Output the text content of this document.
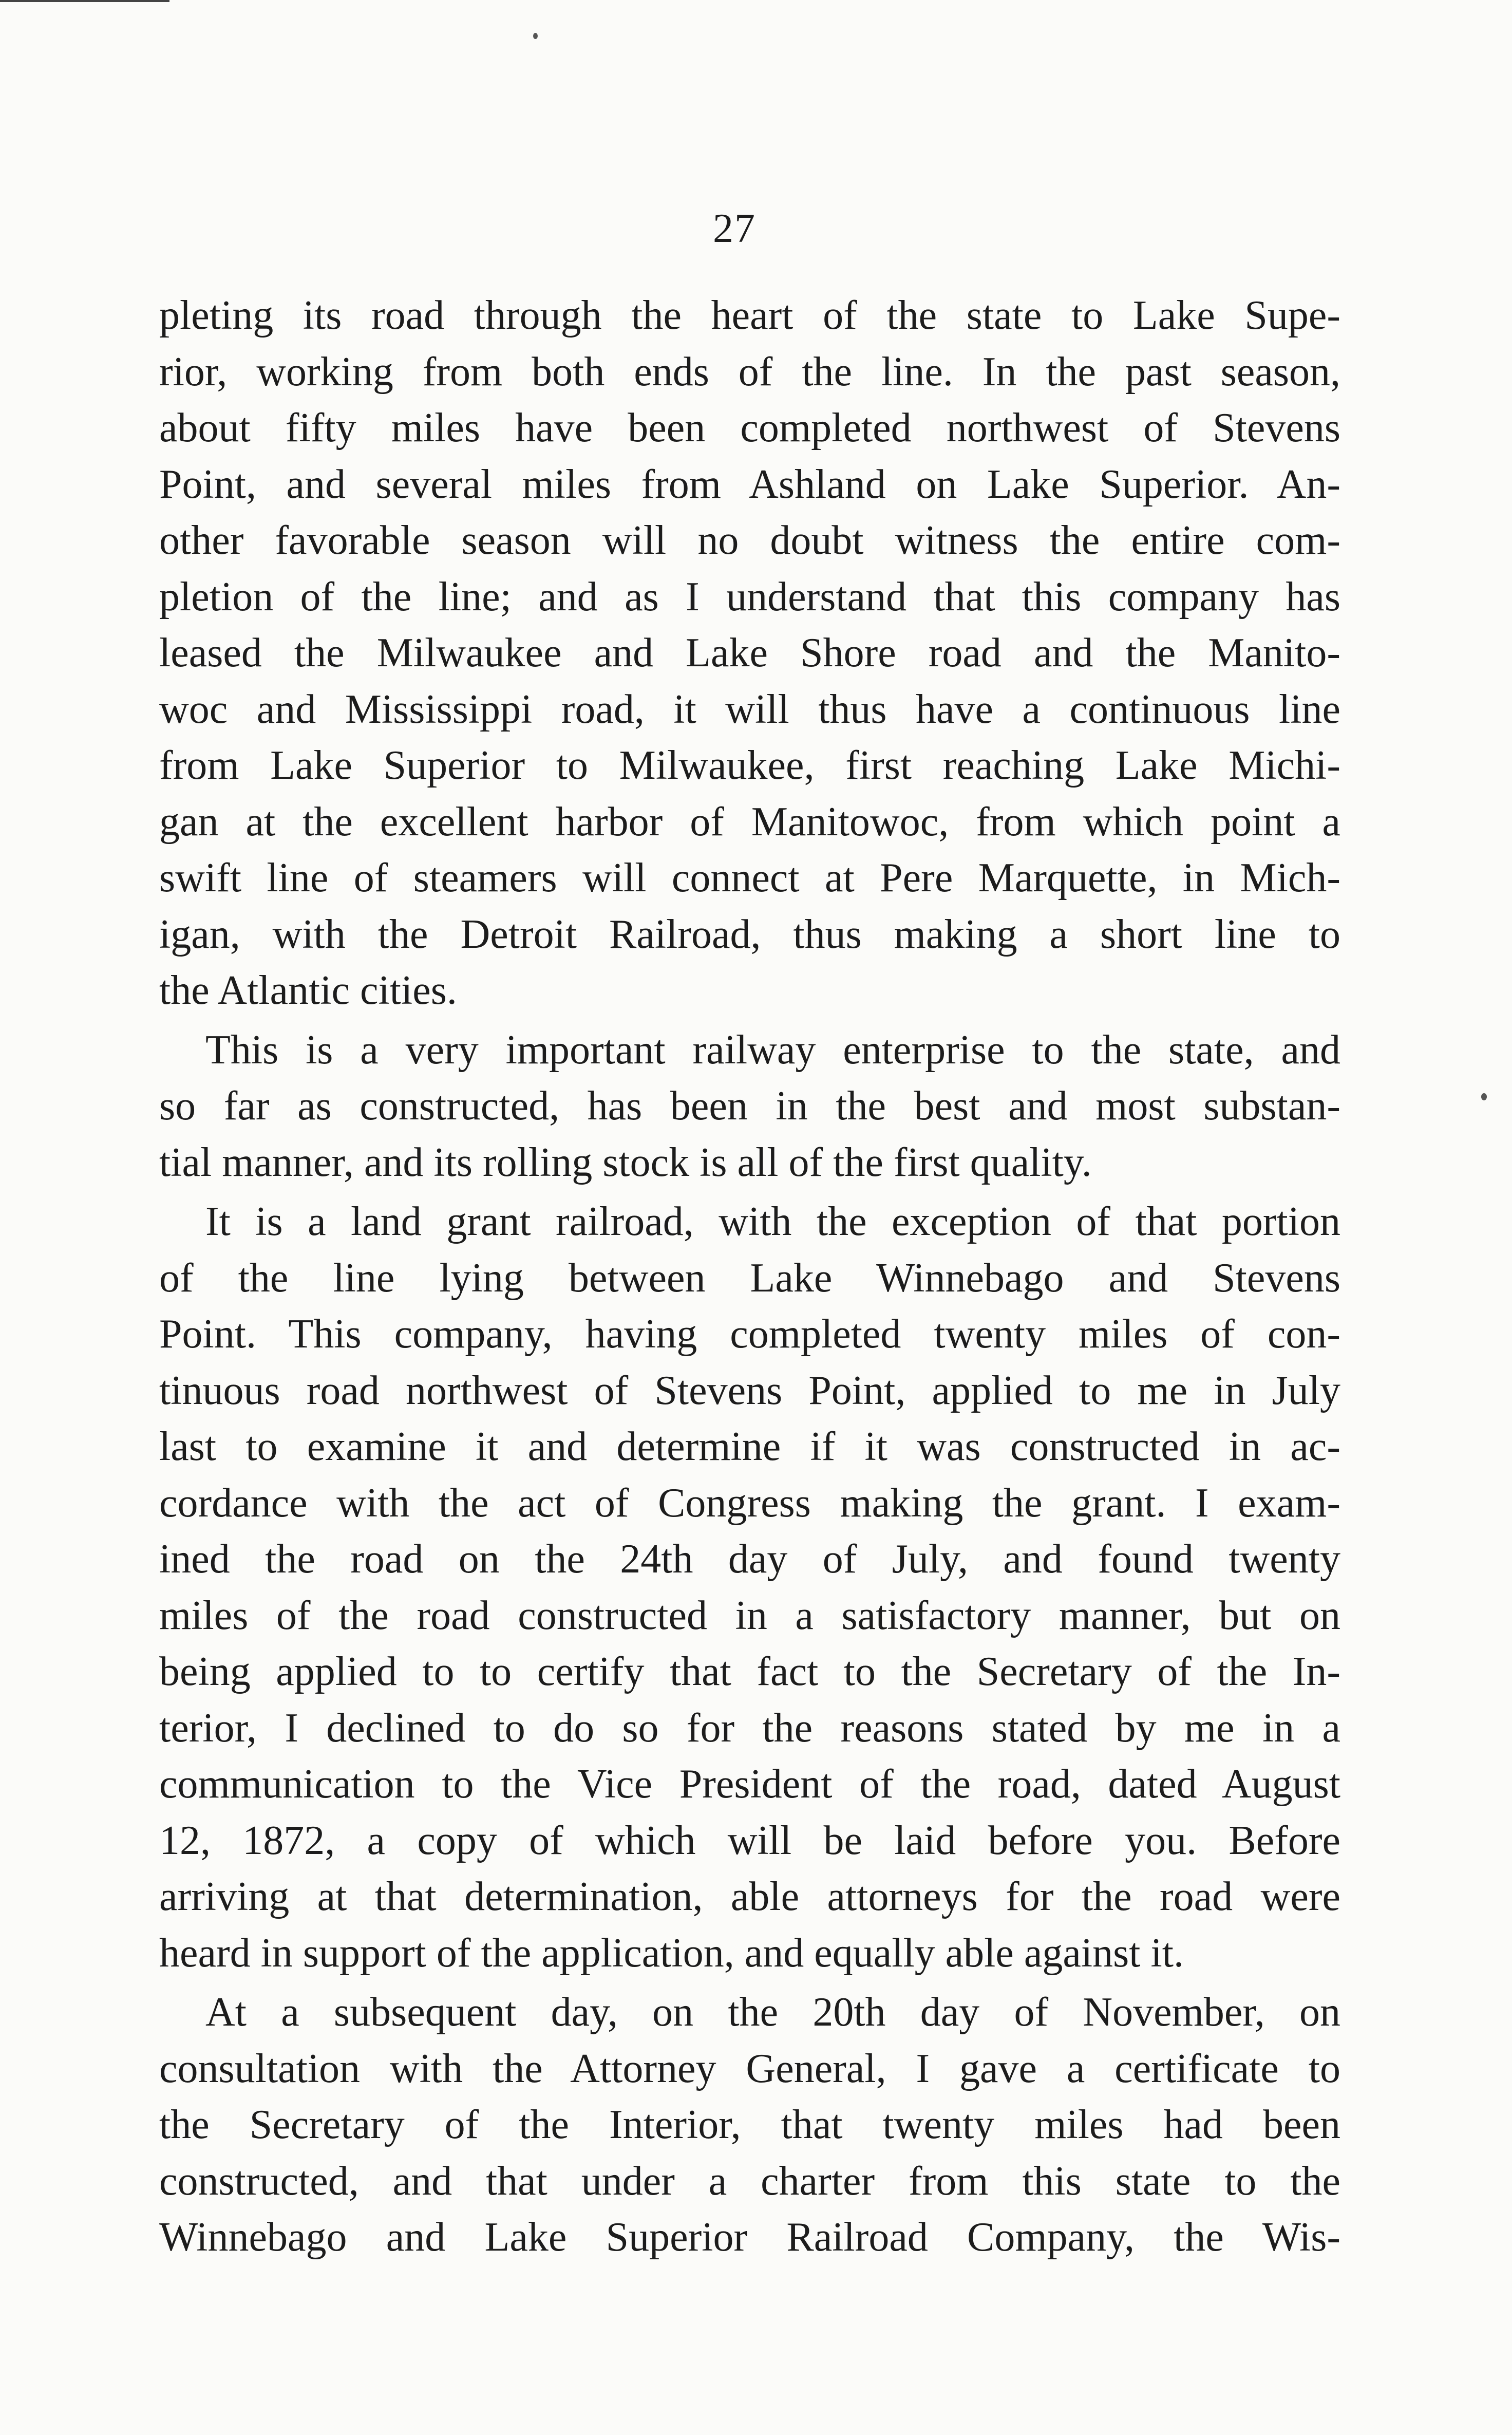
27
pleting its road through the heart of the state to Lake Supe-
rior, working from both ends of the line. In the past season,
about fifty miles have been completed northwest of Stevens
Point, and several miles from Ashland on Lake Superior. An-
other favorable season will no doubt witness the entire com-
pletion of the line; and as I understand that this company has
leased the Milwaukee and Lake Shore road and the Manito-
woc and Mississippi road, it will thus have a continuous line
from Lake Superior to Milwaukee, first reaching Lake Michi-
gan at the excellent harbor of Manitowoc, from which point a
swift line of steamers will connect at Pere Marquette, in Mich-
igan, with the Detroit Railroad, thus making a short line to
the Atlantic cities.
This is a very important railway enterprise to the state, and
so far as constructed, has been in the best and most substan-
tial manner, and its rolling stock is all of the first quality.
It is a land grant railroad, with the exception of that portion
of the line lying between Lake Winnebago and Stevens
Point. This company, having completed twenty miles of con-
tinuous road northwest of Stevens Point, applied to me in July
last to examine it and determine if it was constructed in ac-
cordance with the act of Congress making the grant. I exam-
ined the road on the 24th day of July, and found twenty
miles of the road constructed in a satisfactory manner, but on
being applied to to certify that fact to the Secretary of the In-
terior, I declined to do so for the reasons stated by me in a
communication to the Vice President of the road, dated August
12, 1872, a copy of which will be laid before you. Before
arriving at that determination, able attorneys for the road were
heard in support of the application, and equally able against it.
At a subsequent day, on the 20th day of November, on
consultation with the Attorney General, I gave a certificate to
the Secretary of the Interior, that twenty miles had been
constructed, and that under a charter from this state to the
Winnebago and Lake Superior Railroad Company, the Wis-
